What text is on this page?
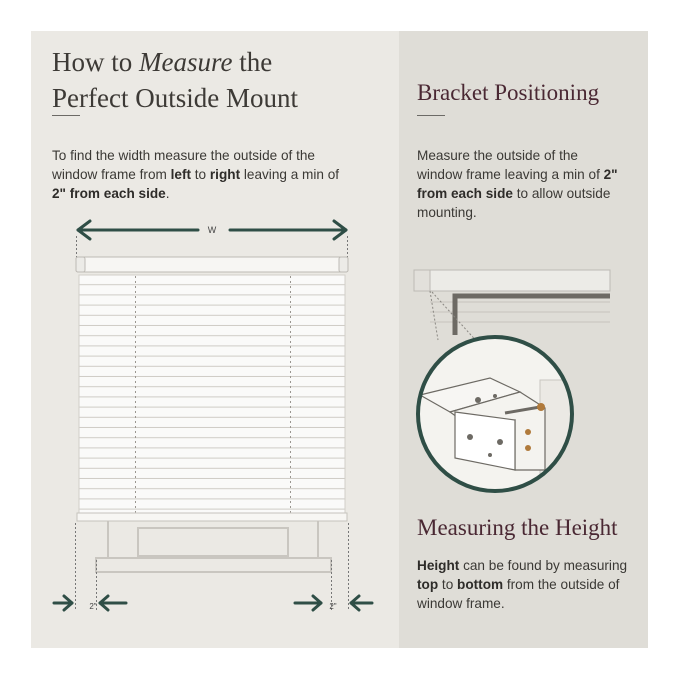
How to Measure the
Perfect Outside Mount

To find the width measure the outside of the window frame from left to right leaving a min of 2" from each side.

Bracket Positioning

Measure the outside of the window frame leaving a min of 2" from each side to allow outside mounting.

Measuring the Height

Height can be found by measuring top to bottom from the outside of window frame.

W
2"	2"
